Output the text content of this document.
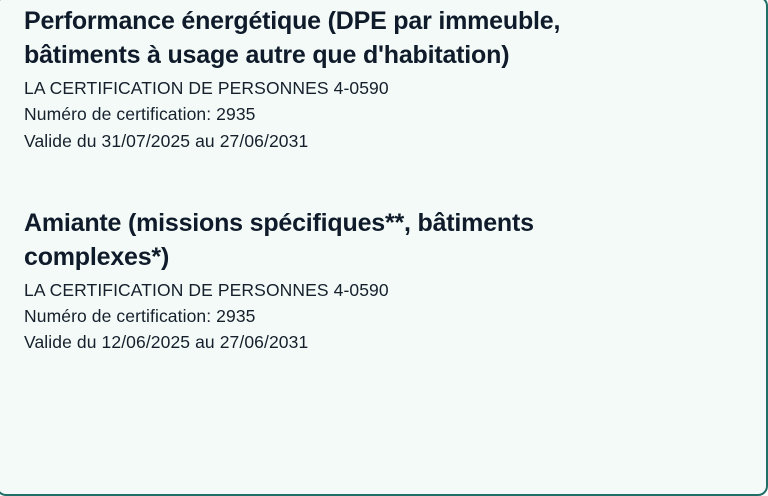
Performance énergétique (DPE par immeuble, bâtiments à usage autre que d'habitation)
LA CERTIFICATION DE PERSONNES 4-0590
Numéro de certification: 2935
Valide du 31/07/2025 au 27/06/2031
Amiante (missions spécifiques**, bâtiments complexes*)
LA CERTIFICATION DE PERSONNES 4-0590
Numéro de certification: 2935
Valide du 12/06/2025 au 27/06/2031
